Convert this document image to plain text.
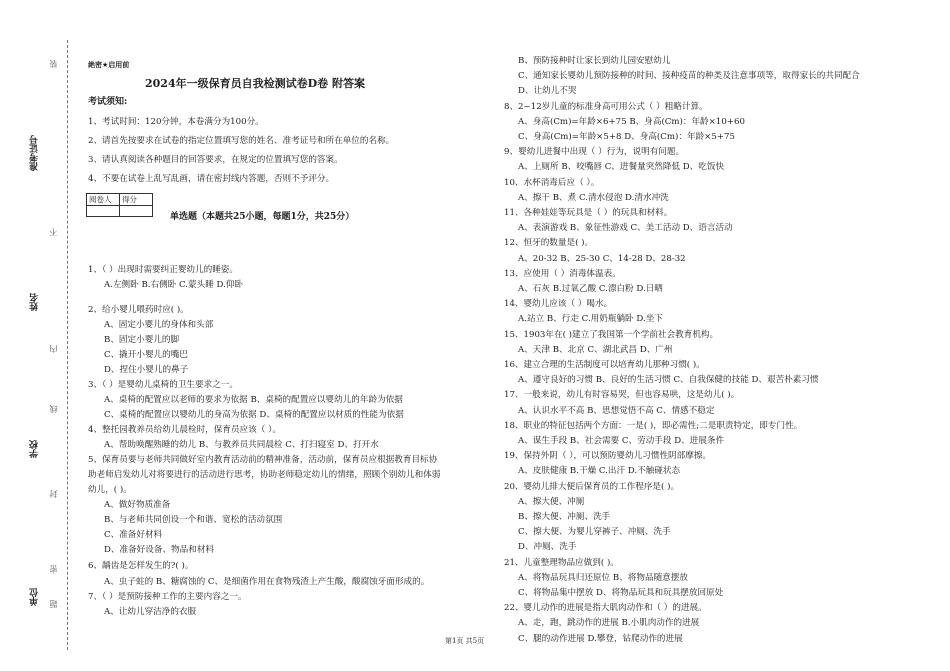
准考证号
姓名
学校
单位
装
不
内
线
封
密
题
絶密★启用前
2024年一级保育员自我检测试卷D卷 附答案
考试须知:
1、考试时间：120分钟，本卷满分为100分。
2、请首先按要求在试卷的指定位置填写您的姓名、准考证号和所在单位的名称。
3、请认真阅读各种题目的回答要求，在规定的位置填写您的答案。
4、不要在试卷上乱写乱画，请在密封线内答题，否则不予评分。
阅卷人	得分

单选题（本题共25小题，每题1分，共25分）
1、（ ）出现时需要纠正婴幼儿的睡姿。
A.左侧卧 B.右侧卧 C.蒙头睡 D.仰卧
2、给小婴儿喂药时应( )。
A、固定小婴儿的身体和头部
B、固定小婴儿的脚
C、撬开小婴儿的嘴巴
D、捏住小婴儿的鼻子
3、（ ）是婴幼儿桌椅的卫生要求之一。
A、桌椅的配置应以老师的要求为依据 B、桌椅的配置应以婴幼儿的年龄为依据
C、桌椅的配置应以婴幼儿的身高为依据 D、桌椅的配置应以材质的性能为依据
4、整托园教养员给幼儿晨检时，保育员应该（ ）。
A、帮助唤醒熟睡的幼儿 B、与教养员共同晨检 C、打扫寝室 D、打开水
5、保育员要与老师共同做好室内教育活动前的精神准备，活动前，保育员应根据教育目标协
助老师启发幼儿对将要进行的活动进行思考，协助老师稳定幼儿的情绪，照顾个别幼儿和体弱
幼儿，( )。
A、做好物质准备
B、与老师共同创设一个和谐、宽松的活动氛围
C、准备好材料
D、准备好设备、物品和材料
6、龋齿是怎样发生的?( )。
A、虫子蛀的 B、糖腐蚀的 C、是细菌作用在食物残渣上产生酸，酸腐蚀牙面形成的。
7、（ ）是预防接种工作的主要内容之一。
A、让幼儿穿洁净的衣服
B、预防接种时让家长到幼儿园安慰幼儿
C、通知家长婴幼儿预防接种的时间、接种疫苗的种类及注意事项等，取得家长的共同配合
D、让幼儿不哭
8、2~12岁儿童的标准身高可用公式（ ）粗略计算。
A、身高(Cm)=年龄×6+75 B、身高(Cm)：年龄×10+60
C、身高(Cm)=年龄×5+8 D、身高(Cm)：年龄×5+75
9、婴幼儿进餐中出现（ ）行为，说明有问题。
A、上厕所 B、咬嘴唇 C、进餐量突然降低 D、吃饭快
10、水杯消毒后应（ ）。
A、擦干 B、煮 C.清水侵泡 D.清水冲洗
11、各种娃娃等玩具是（ ）的玩具和材料。
A、表演游戏 B、象征性游戏 C、美工活动 D、语言活动
12、恒牙的数量是( )。
A、20-32 B、25-30 C、14-28 D、28-32
13、应使用（ ）消毒体温表。
A、石灰 B.过氧乙酸 C.漂白粉 D.日晒
14、婴幼儿应该（ ）喝水。
A.站立 B、行走 C.用奶瓶躺卧 D.坐下
15、1903年在( )建立了我国第一个学前社会教育机构。
A、天津 B、北京 C、湖北武昌 D、广州
16、建立合理的生活制度可以培育幼儿那种习惯( )。
A、遵守良好的习惯 B、良好的生活习惯 C、自我保健的技能 D、艰苦朴素习惯
17、一般来说，幼儿有时容易哭，但也容易哄，这是幼儿( )。
A、认识水平不高 B、思想觉悟不高 C、情感不稳定
18、职业的特征包括两个方面：一是( )，即必需性;二是职责特定，即专门性。
A、谋生手段 B、社会需要 C、劳动手段 D、进展条件
19、保持外阴（ ），可以预防婴幼儿习惯性阴部摩擦。
A、皮肤健康 B.干燥 C.出汗 D.不触碰状态
20、婴幼儿排大便后保育员的工作程序是( )。
A、擦大便、冲厕
B、擦大便、冲厕、洗手
C、擦大便、为婴儿穿裤子、冲厕、洗手
D、冲厕、洗手
21、儿童整理物品应做到( )。
A、将物品玩具归还原位 B、将物品随意摆放
C、将物品集中摆放 D、将物品玩具和玩具摆放回原处
22、婴儿动作的进展是指大肌肉动作和（ ）的进展。
A、走，跑，跳动作的进展 B.小肌肉动作的进展
C、腿的动作进展 D.攀登，钻爬动作的进展
第1页 共5页
